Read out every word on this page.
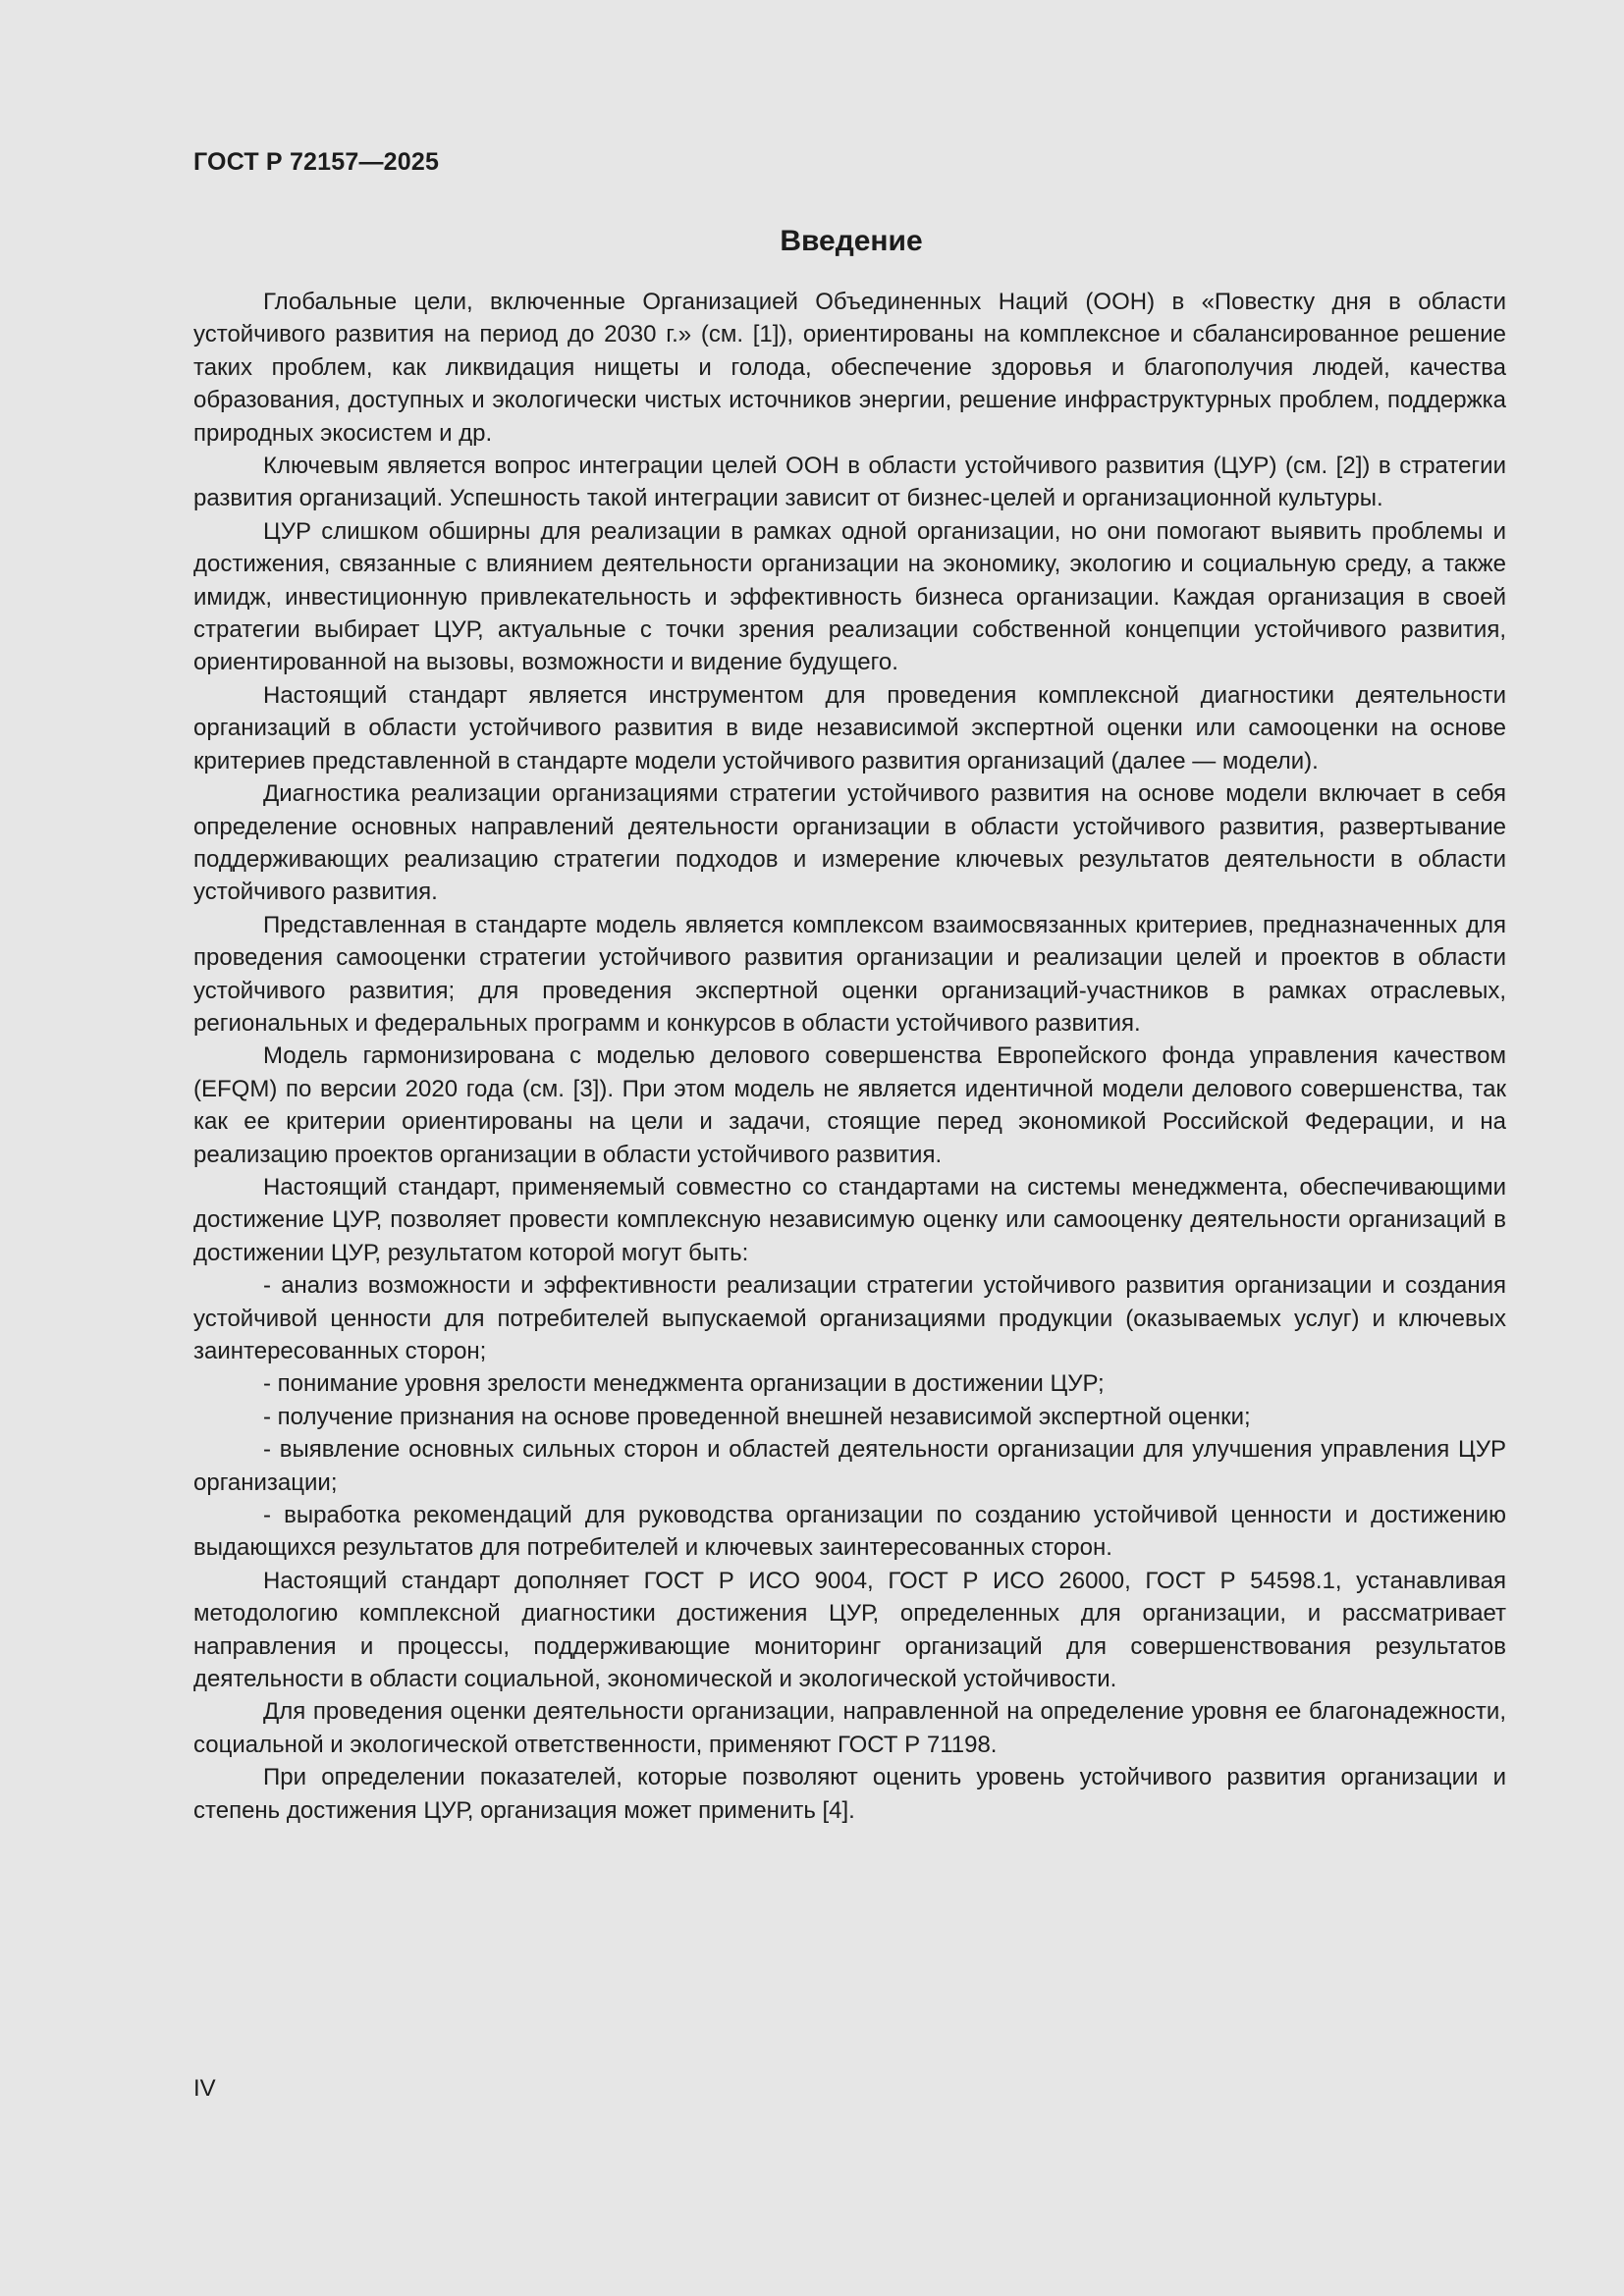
ГОСТ Р 72157—2025
Введение

Глобальные цели, включенные Организацией Объединенных Наций (ООН) в «Повестку дня в области устойчивого развития на период до 2030 г.» (см. [1]), ориентированы на комплексное и сбалансированное решение таких проблем, как ликвидация нищеты и голода, обеспечение здоровья и благополучия людей, качества образования, доступных и экологически чистых источников энергии, решение инфраструктурных проблем, поддержка природных экосистем и др.

Ключевым является вопрос интеграции целей ООН в области устойчивого развития (ЦУР) (см. [2]) в стратегии развития организаций. Успешность такой интеграции зависит от бизнес-целей и организационной культуры.

ЦУР слишком обширны для реализации в рамках одной организации, но они помогают выявить проблемы и достижения, связанные с влиянием деятельности организации на экономику, экологию и социальную среду, а также имидж, инвестиционную привлекательность и эффективность бизнеса организации. Каждая организация в своей стратегии выбирает ЦУР, актуальные с точки зрения реализации собственной концепции устойчивого развития, ориентированной на вызовы, возможности и видение будущего.

Настоящий стандарт является инструментом для проведения комплексной диагностики деятельности организаций в области устойчивого развития в виде независимой экспертной оценки или самооценки на основе критериев представленной в стандарте модели устойчивого развития организаций (далее — модели).

Диагностика реализации организациями стратегии устойчивого развития на основе модели включает в себя определение основных направлений деятельности организации в области устойчивого развития, развертывание поддерживающих реализацию стратегии подходов и измерение ключевых результатов деятельности в области устойчивого развития.

Представленная в стандарте модель является комплексом взаимосвязанных критериев, предназначенных для проведения самооценки стратегии устойчивого развития организации и реализации целей и проектов в области устойчивого развития; для проведения экспертной оценки организаций-участников в рамках отраслевых, региональных и федеральных программ и конкурсов в области устойчивого развития.

Модель гармонизирована с моделью делового совершенства Европейского фонда управления качеством (EFQM) по версии 2020 года (см. [3]). При этом модель не является идентичной модели делового совершенства, так как ее критерии ориентированы на цели и задачи, стоящие перед экономикой Российской Федерации, и на реализацию проектов организации в области устойчивого развития.

Настоящий стандарт, применяемый совместно со стандартами на системы менеджмента, обеспечивающими достижение ЦУР, позволяет провести комплексную независимую оценку или самооценку деятельности организаций в достижении ЦУР, результатом которой могут быть:

- анализ возможности и эффективности реализации стратегии устойчивого развития организации и создания устойчивой ценности для потребителей выпускаемой организациями продукции (оказываемых услуг) и ключевых заинтересованных сторон;

- понимание уровня зрелости менеджмента организации в достижении ЦУР;

- получение признания на основе проведенной внешней независимой экспертной оценки;

- выявление основных сильных сторон и областей деятельности организации для улучшения управления ЦУР организации;

- выработка рекомендаций для руководства организации по созданию устойчивой ценности и достижению выдающихся результатов для потребителей и ключевых заинтересованных сторон.

Настоящий стандарт дополняет ГОСТ Р ИСО 9004, ГОСТ Р ИСО 26000, ГОСТ Р 54598.1, устанавливая методологию комплексной диагностики достижения ЦУР, определенных для организации, и рассматривает направления и процессы, поддерживающие мониторинг организаций для совершенствования результатов деятельности в области социальной, экономической и экологической устойчивости.

Для проведения оценки деятельности организации, направленной на определение уровня ее благонадежности, социальной и экологической ответственности, применяют ГОСТ Р 71198.

При определении показателей, которые позволяют оценить уровень устойчивого развития организации и степень достижения ЦУР, организация может применить [4].

IV
